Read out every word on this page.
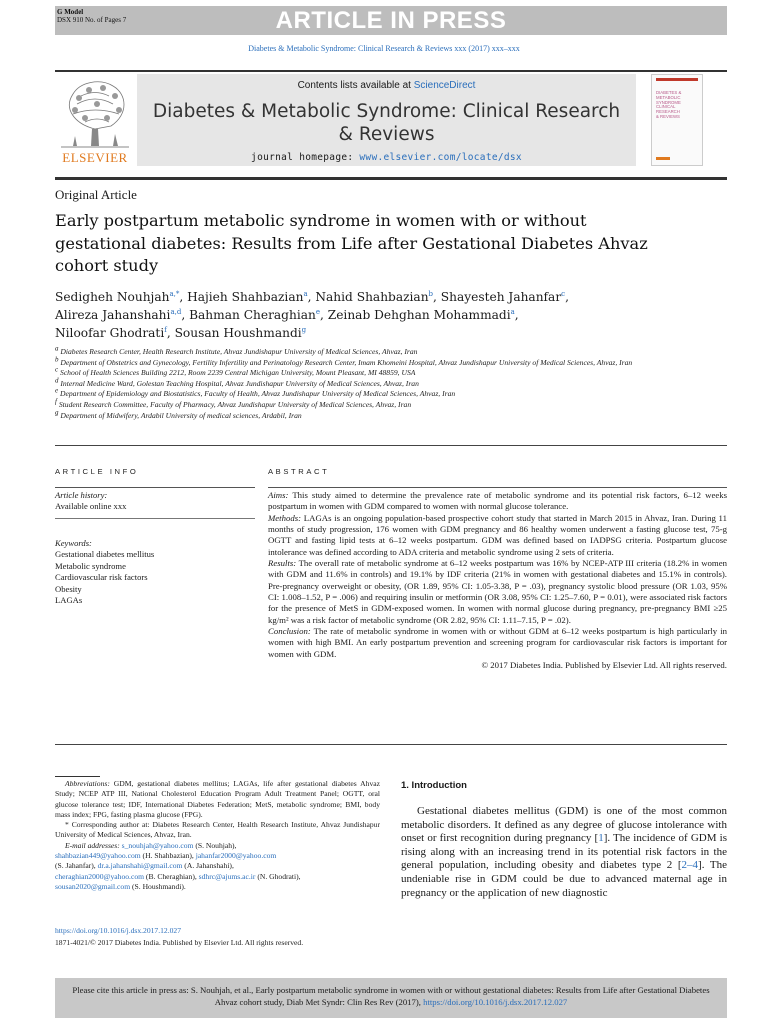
G Model
DSX 910 No. of Pages 7	ARTICLE IN PRESS
Diabetes & Metabolic Syndrome: Clinical Research & Reviews xxx (2017) xxx–xxx
ELSEVIER
Contents lists available at ScienceDirect
Diabetes & Metabolic Syndrome: Clinical Research & Reviews
journal homepage: www.elsevier.com/locate/dsx
DIABETES &
METABOLIC
SYNDROME
CLINICAL
RESEARCH
& REVIEWS
Original Article
Early postpartum metabolic syndrome in women with or without gestational diabetes: Results from Life after Gestational Diabetes Ahvaz cohort study
Sedigheh Nouhjah$^{a,*}$, Hajieh Shahbazian$^a$, Nahid Shahbazian$^b$, Shayesteh Jahanfar$^c$,
Alireza Jahanshahi$^{a,d}$, Bahman Cheraghian$^e$, Zeinab Dehghan Mohammadi$^a$,
Niloofar Ghodrati$^f$, Sousan Houshmandi$^g$
$^a$ Diabetes Research Center, Health Research Institute, Ahvaz Jundishapur University of Medical Sciences, Ahvaz, Iran
$^b$ Department of Obstetrics and Gynecology, Fertility Infertility and Perinatology Research Center, Imam Khomeini Hospital, Ahvaz Jundishapur University of Medical Sciences, Ahvaz, Iran
$^c$ School of Health Sciences Building 2212, Room 2239 Central Michigan University, Mount Pleasant, MI 48859, USA
$^d$ Internal Medicine Ward, Golestan Teaching Hospital, Ahvaz Jundishapur University of Medical Sciences, Ahvaz, Iran
$^e$ Department of Epidemiology and Biostatistics, Faculty of Health, Ahvaz Jundishapur University of Medical Sciences, Ahvaz, Iran
$^f$ Student Research Committee, Faculty of Pharmacy, Ahvaz Jundishapur University of Medical Sciences, Ahvaz, Iran
$^g$ Department of Midwifery, Ardabil University of medical sciences, Ardabil, Iran
ARTICLE INFO	ABSTRACT
Article history:
Available online xxx
Keywords:
Gestational diabetes mellitus
Metabolic syndrome
Cardiovascular risk factors
Obesity
LAGAs

Aims: This study aimed to determine the prevalence rate of metabolic syndrome and its potential risk factors, 6–12 weeks postpartum in women with GDM compared to women with normal glucose tolerance.

Methods: LAGAs is an ongoing population-based prospective cohort study that started in March 2015 in Ahvaz, Iran. During 11 months of study progression, 176 women with GDM pregnancy and 86 healthy women underwent a fasting glucose test, 75-g OGTT and fasting lipid tests at 6–12 weeks postpartum. GDM was defined based on IADPSG criteria. Postpartum glucose intolerance was defined according to ADA criteria and metabolic syndrome using 2 sets of criteria.

Results: The overall rate of metabolic syndrome at 6–12 weeks postpartum was 16% by NCEP-ATP III criteria (18.2% in women with GDM and 11.6% in controls) and 19.1% by IDF criteria (21% in women with gestational diabetes and 15.1% in controls). Pre-pregnancy overweight or obesity, (OR 1.89, 95% CI: 1.05-3.38, P = .03), pregnancy systolic blood pressure (OR 1.03, 95% CI: 1.008–1.52, P = .006) and requiring insulin or metformin (OR 3.08, 95% CI: 1.25–7.60, P = 0.01), were associated risk factors for the presence of MetS in GDM-exposed women. In women with normal glucose during pregnancy, pre-pregnancy BMI ≥25 kg/m² was a risk factor of metabolic syndrome (OR 2.82, 95% CI: 1.11–7.15, P = .02).

Conclusion: The rate of metabolic syndrome in women with or without GDM at 6–12 weeks postpartum is high particularly in women with high BMI. An early postpartum prevention and screening program for cardiovascular risk factors is important for women with GDM.

© 2017 Diabetes India. Published by Elsevier Ltd. All rights reserved.

Abbreviations: GDM, gestational diabetes mellitus; LAGAs, life after gestational diabetes Ahvaz Study; NCEP ATP III, National Cholesterol Education Program Adult Treatment Panel; OGTT, oral glucose tolerance test; IDF, International Diabetes Federation; MetS, metabolic syndrome; BMI, body mass index; FPG, fasting plasma glucose (FPG).

* Corresponding author at: Diabetes Research Center, Health Research Institute, Ahvaz Jundishapur University of Medical Sciences, Ahvaz, Iran.

E-mail addresses: s_nouhjah@yahoo.com (S. Nouhjah),

shahbazian449@yahoo.com (H. Shahbazian), jahanfar2000@yahoo.com
(S. Jahanfar), dr.a.jahanshahi@gmail.com (A. Jahanshahi),
cheraghian2000@yahoo.com (B. Cheraghian), sdhrc@ajums.ac.ir (N. Ghodrati),
sousan2020@gmail.com (S. Houshmandi).
https://doi.org/10.1016/j.dsx.2017.12.027
1871-4021/© 2017 Diabetes India. Published by Elsevier Ltd. All rights reserved.
1. Introduction
Gestational diabetes mellitus (GDM) is one of the most common metabolic disorders. It defined as any degree of glucose intolerance with onset or first recognition during pregnancy [1]. The incidence of GDM is rising along with an increasing trend in its potential risk factors in the general population, including obesity and diabetes type 2 [2–4]. The undeniable rise in GDM could be due to advanced maternal age in pregnancy or the application of new diagnostic
Please cite this article in press as: S. Nouhjah, et al., Early postpartum metabolic syndrome in women with or without gestational diabetes: Results from Life after Gestational Diabetes Ahvaz cohort study, Diab Met Syndr: Clin Res Rev (2017), https://doi.org/10.1016/j.dsx.2017.12.027
